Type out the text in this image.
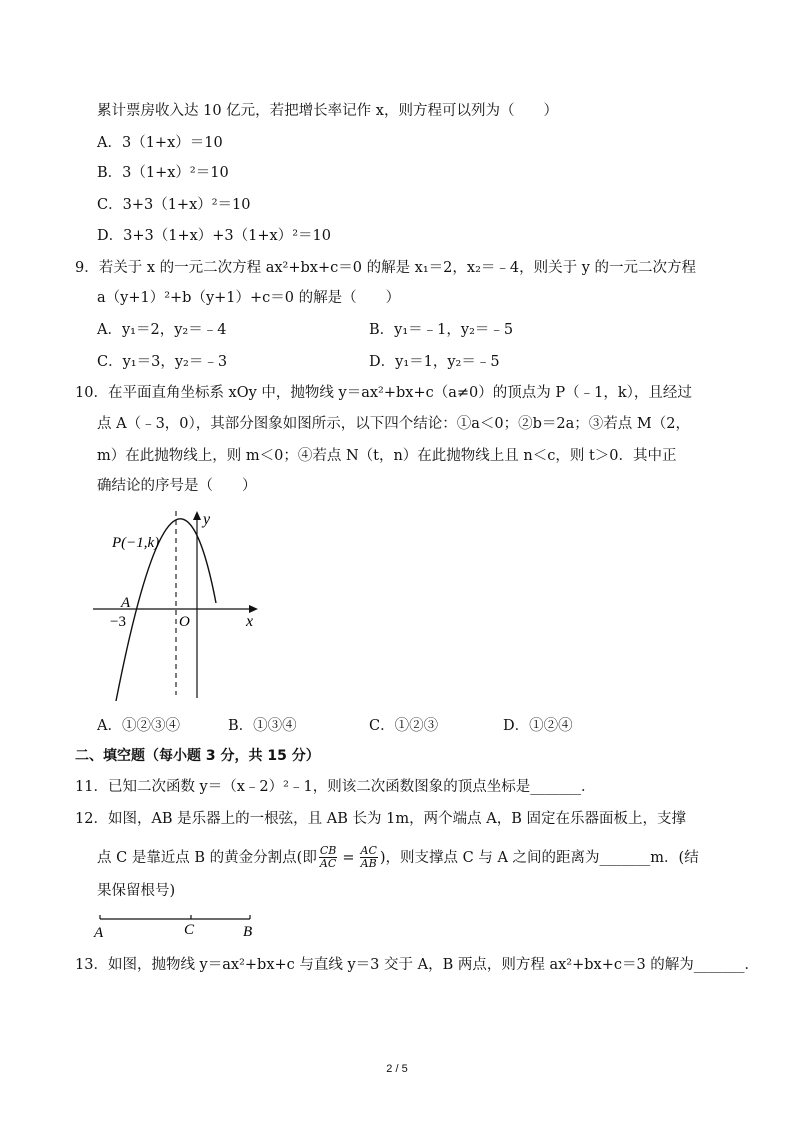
累计票房收入达 10 亿元，若把增长率记作 x，则方程可以列为（　　）
A．3（1+x）＝10
B．3（1+x）²＝10
C．3+3（1+x）²＝10
D．3+3（1+x）+3（1+x）²＝10
9．若关于 x 的一元二次方程 ax²+bx+c＝0 的解是 x₁＝2，x₂＝﹣4，则关于 y 的一元二次方程
a（y+1）²+b（y+1）+c＝0 的解是（　　）
A．y₁＝2，y₂＝﹣4	B．y₁＝﹣1，y₂＝﹣5
C．y₁＝3，y₂＝﹣3	D．y₁＝1，y₂＝﹣5
10．在平面直角坐标系 xOy 中，抛物线 y＝ax²+bx+c（a≠0）的顶点为 P（﹣1，k），且经过
点 A（﹣3，0），其部分图象如图所示，以下四个结论：①a＜0；②b＝2a；③若点 M（2，
m）在此抛物线上，则 m＜0；④若点 N（t，n）在此抛物线上且 n＜c，则 t＞0．其中正
确结论的序号是（　　）
P(−1,k)
A
−3	O	x
y
A．①②③④	B．①③④	C．①②③	D．①②④
二、填空题（每小题 3 分，共 15 分）
11．已知二次函数 y＝（x﹣2）²﹣1，则该二次函数图象的顶点坐标是_______．
12．如图，AB 是乐器上的一根弦，且 AB 长为 1m，两个端点 A，B 固定在乐器面板上，支撑
点 C 是靠近点 B 的黄金分割点(即 $\frac{CB}{AC} = \frac{AC}{AB}$ )，则支撑点 C 与 A 之间的距离为_______m．(结
果保留根号)
A	C	B
13．如图，抛物线 y＝ax²+bx+c 与直线 y＝3 交于 A，B 两点，则方程 ax²+bx+c＝3 的解为_______．
2 / 5
